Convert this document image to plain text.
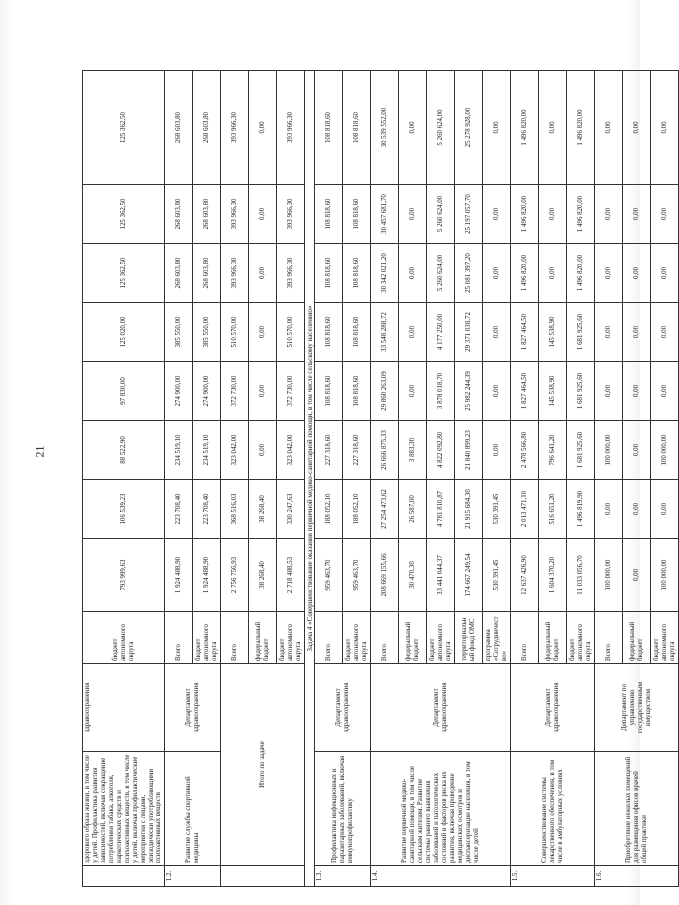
21
	здорового образа жизни, в том числе у детей. Профилактика развития зависимостей, включая сокращение потребления табака, алкоголя, наркотических средств и психоактивных веществ, в том числе у детей, включая профилактические мероприятия с лицами, эпизодически употребляющими психоактивных веществ	здравоохранения	бюджет автономного округа	793 999,63	106 539,23	88 522,90	97 830,00	125 020,00	125 362,50	125 362,50	125 362,50
1.2.	Развитие службы спортивной медицины	Департамент здравоохранения	Всего	1 924 488,90	223 708,40	234 519,10	274 900,00	385 550,00	268 603,80	268 603,80	268 603,80
			бюджет автономного округа	1 924 488,90	223 708,40	234 519,10	274 900,00	385 550,00	268 603,80	268 603,80	268 603,80
	Итого по задаче		Всего	2 756 756,93	368 516,03	323 042,00	372 730,00	510 570,00	393 966,30	393 966,30	393 966,30
			федеральный бюджет	38 268,40	38 268,40	0,00	0,00	0,00	0,00	0,00	0,00
			бюджет автономного округа	2 718 488,53	330 247,63	323 042,00	372 730,00	510 570,00	393 966,30	393 966,30	393 966,30
Задача 4 «Совершенствование оказания первичной медико-санитарной помощи, в том числе сельскому населению»											
1.3.	Профилактика инфекционных и паразитарных заболеваний, включая иммунопрофилактику	Департамент здравоохранения	Всего	959 463,70	188 052,10	227 318,60	108 818,60	108 818,60	108 818,60	108 818,60	108 818,60
			бюджет автономного округа	959 463,70	188 052,10	227 318,60	108 818,60	108 818,60	108 818,60	108 818,60	108 818,60
1.4.	Развитие первичной медико-санитарной помощи, в том числе сельским жителям. Развитие системы раннего выявления заболеваний и патологических состояний и факторов риска их развития, включая проведение медицинских осмотров и диспансеризации населения, в том числе детей	Департамент здравоохранения	Всего	208 669 155,66	27 254 473,62	26 666 875,33	29 860 263,09	33 548 288,72	30 342 021,20	30 457 681,70	30 539 552,00
			федеральный бюджет	30 470,30	26 587,00	3 883,30	0,00	0,00	0,00	0,00	0,00
			бюджет автономного округа	33 441 044,37	4 781 810,87	4 822 092,80	3 878 018,70	4 177 250,00	5 260 624,00	5 260 624,00	5 260 624,00
			территориальный фонд ОМС	174 667 249,54	21 915 684,30	21 840 899,23	25 982 244,39	29 371 038,72	25 081 397,20	25 197 057,70	25 278 928,00
			программа «Сотрудничество»	530 391,45	530 391,45	0,00	0,00	0,00	0,00	0,00	0,00
1.5.	Совершенствование системы лекарственного обеспечения, в том числе в амбулаторных условиях	Департамент здравоохранения	Всего	12 637 426,90	2 013 471,10	2 478 566,80	1 827 464,50	1 827 464,50	1 496 820,00	1 496 820,00	1 496 820,00
			федеральный бюджет	1 604 370,20	516 651,20	796 641,20	145 538,90	145 538,90	0,00	0,00	0,00
			бюджет автономного округа	11 033 056,70	1 496 819,90	1 681 925,60	1 681 925,60	1 681 925,60	1 496 820,00	1 496 820,00	1 496 820,00
1.6.	Приобретение нежилых помещений для размещения офисов врачей общей практики	Департамент по управлению государственным имуществом	Всего	100 000,00	0,00	100 000,00	0,00	0,00	0,00	0,00	0,00
			федеральный бюджет	0,00	0,00	0,00	0,00	0,00	0,00	0,00	0,00
			бюджет автономного округа	100 000,00	0,00	100 000,00	0,00	0,00	0,00	0,00	0,00
